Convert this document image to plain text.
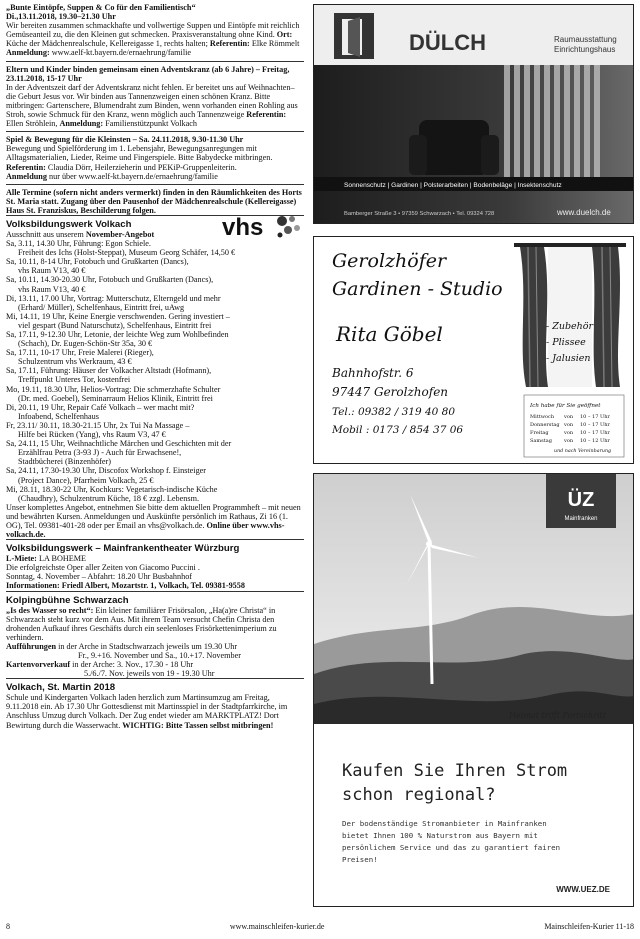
„Bunte Eintöpfe, Suppen & Co für den Familientisch“

Di.,13.11.2018, 19.30–21.30 Uhr

Wir bereiten zusammen schmackhafte und vollwertige Suppen und Eintöpfe mit reichlich Gemüseanteil zu, die den Kleinen gut schmecken. Praxisveranstaltung ohne Kind. Ort: Küche der Mädchenrealschule, Kellereigasse 1, rechts halten; Referentin: Elke Römmelt

Anmeldung: www.aelf-kt.bayern.de/ernaehrung/familie

Eltern und Kinder binden gemeinsam einen Adventskranz (ab 6 Jahre) – Freitag, 23.11.2018, 15-17 Uhr

In der Adventszeit darf der Adventskranz nicht fehlen. Er bereitet uns auf Weihnachten– die Geburt Jesus vor. Wir binden aus Tannenzweigen einen schönen Kranz. Bitte mitbringen: Gartenschere, Blumendraht zum Binden, wenn vorhanden einen Rohling aus Stroh, sowie Schmuck für den Kranz, wenn möglich auch Tannenzweige Referentin: Ellen Ströhlein, Anmeldung: Familienstützpunkt Volkach

Spiel & Bewegung für die Kleinsten – Sa. 24.11.2018, 9.30-11.30 Uhr

Bewegung und Spielförderung im 1. Lebensjahr, Bewegungsanregungen mit Alltagsmaterialien, Lieder, Reime und Fingerspiele. Bitte Babydecke mitbringen. Referentin: Claudia Dörr, Heilerzieherin und PEKiP-Gruppenleiterin.

Anmeldung nur über www.aelf-kt.bayern.de/ernaehrung/familie

Alle Termine (sofern nicht anders vermerkt) finden in den Räumlichkeiten des Horts St. Maria statt. Zugang über den Pausenhof der Mädchenrealschule (Kellereigasse) Haus St. Franziskus, Beschilderung folgen.

Volksbildungswerk Volkach	vhs

Ausschnitt aus unserem November-Angebot

Sa, 3.11, 14.30 Uhr, Führung: Egon Schiele.

Freiheit des Ichs (Holst-Steppat), Museum Georg Schäfer, 14,50 €

Sa, 10.11, 8-14 Uhr, Fotobuch und Grußkarten (Dancs),

vhs Raum V13, 40 €

Sa, 10.11, 14.30-20.30 Uhr, Fotobuch und Grußkarten (Dancs),

vhs Raum V13, 40 €

Di, 13.11, 17.00 Uhr, Vortrag: Mutterschutz, Elterngeld und mehr

(Erhard/ Müller), Schelfenhaus, Eintritt frei, uAwg

Mi, 14.11, 19 Uhr, Keine Energie verschwenden. Gering investiert –

viel gespart (Bund Naturschutz), Schelfenhaus, Eintritt frei

Sa, 17.11, 9-12.30 Uhr, Letonie, der leichte Weg zum Wohlbefinden

(Schach), Dr. Eugen-Schön-Str 35a, 30 €

Sa, 17.11, 10-17 Uhr, Freie Malerei (Rieger),

Schulzentrum vhs Werkraum, 43 €

Sa, 17.11, Führung: Häuser der Volkacher Altstadt (Hofmann),

Treffpunkt Unteres Tor, kostenfrei

Mo, 19.11, 18.30 Uhr, Helios-Vortrag: Die schmerzhafte Schulter

(Dr. med. Goebel), Seminarraum Helios Klinik, Eintritt frei

Di, 20.11, 19 Uhr, Repair Café Volkach – wer macht mit?

Infoabend, Schelfenhaus

Fr, 23.11/ 30.11, 18.30-21.15 Uhr, 2x Tui Na Massage –

Hilfe bei Rücken (Yang), vhs Raum V3, 47 €

Sa, 24.11, 15 Uhr, Weihnachtliche Märchen und Geschichten mit der

Erzählfrau Petra (3-93 J) - Auch für Erwachsene!,

Stadtbücherei (Binzenhöfer)

Sa, 24.11, 17.30-19.30 Uhr, Discofox Workshop f. Einsteiger

(Project Dance), Pfarrheim Volkach, 25 €

Mi, 28.11, 18.30-22 Uhr, Kochkurs: Vegetarisch-indische Küche

(Chaudhry), Schulzentrum Küche, 18 € zzgl. Lebensm.

Unser komplettes Angebot, entnehmen Sie bitte dem aktuellen Programmheft – mit neuen und bewährten Kursen. Anmeldungen und Auskünfte persönlich im Rathaus, Zi 16 (1. OG), Tel. 09381-401-28 oder per Email an vhs@volkach.de. Online über www.vhs-volkach.de.

Volksbildungswerk – Mainfrankentheater Würzburg

L-Miete: LA BOHEME

Die erfolgreichste Oper aller Zeiten von Giacomo Puccini .

Sonntag, 4. November – Abfahrt: 18.20 Uhr Busbahnhof

Informationen: Friedl Albert, Mozartstr. 1, Volkach, Tel. 09381-9558

Kolpingbühne Schwarzach

„Is des Wasser so recht“: Ein kleiner familiärer Frisörsalon, „Ha(a)re Christa“ in Schwarzach steht kurz vor dem Aus. Mit ihrem Team versucht Chefin Christa den drohenden Aufkauf ihres Geschäfts durch ein seelenloses Frisörkettenimperium zu verhindern.

Aufführungen in der Arche in Stadtschwarzach jeweils um 19.30 Uhr

Fr., 9.+16. November und Sa., 10.+17. November

Kartenvorverkauf in der Arche: 3. Nov., 17.30 - 18 Uhr

5./6./7. Nov. jeweils von 19 - 19.30 Uhr

Volkach, St. Martin 2018

Schule und Kindergarten Volkach laden herzlich zum Martinsumzug am Freitag, 9.11.2018 ein. Ab 17.30 Uhr Gottesdienst mit Martinsspiel in der Stadtpfarrkirche, im Anschluss Umzug durch Volkach. Der Zug endet wieder am MARKTPLATZ! Dort Bewirtung durch die Wasserwacht. WICHTIG: Bitte Tassen selbst mitbringen!

DÜLCH	Raumausstattung
Einrichtungshaus
Sonnenschutz | Gardinen | Polsterarbeiten | Bodenbeläge | Insektenschutz
Bamberger Straße 3 • 97359 Schwarzach • Tel. 09324 728	www.duelch.de
Gerolzhöfer
Gardinen - Studio
Rita Göbel
Bahnhofstr. 6
97447 Gerolzhofen
Tel.: 09382 / 319 40 80
Mobil : 0173 / 854 37 06
- Zubehör
- Plissee
- Jalusien
Ich habe für Sie geöffnet
Mittwoch von 10 – 17 Uhr
Donnerstag von 10 – 17 Uhr
Freitag	von 10 – 17 Uhr
Samstag von 10 – 12 Uhr
und nach Vereinbarung
ÜZ
Mainfranken
Heimat trifft Fortschritt
Kaufen Sie Ihren Strom
schon regional?
Der bodenständige Stromanbieter in Mainfranken
bietet Ihnen 100 % Naturstrom aus Bayern mit
persönlichem Service und das zu garantiert fairen
Preisen!
WWW.UEZ.DE
8	www.mainschleifen-kurier.de	Mainschleifen-Kurier 11-18
